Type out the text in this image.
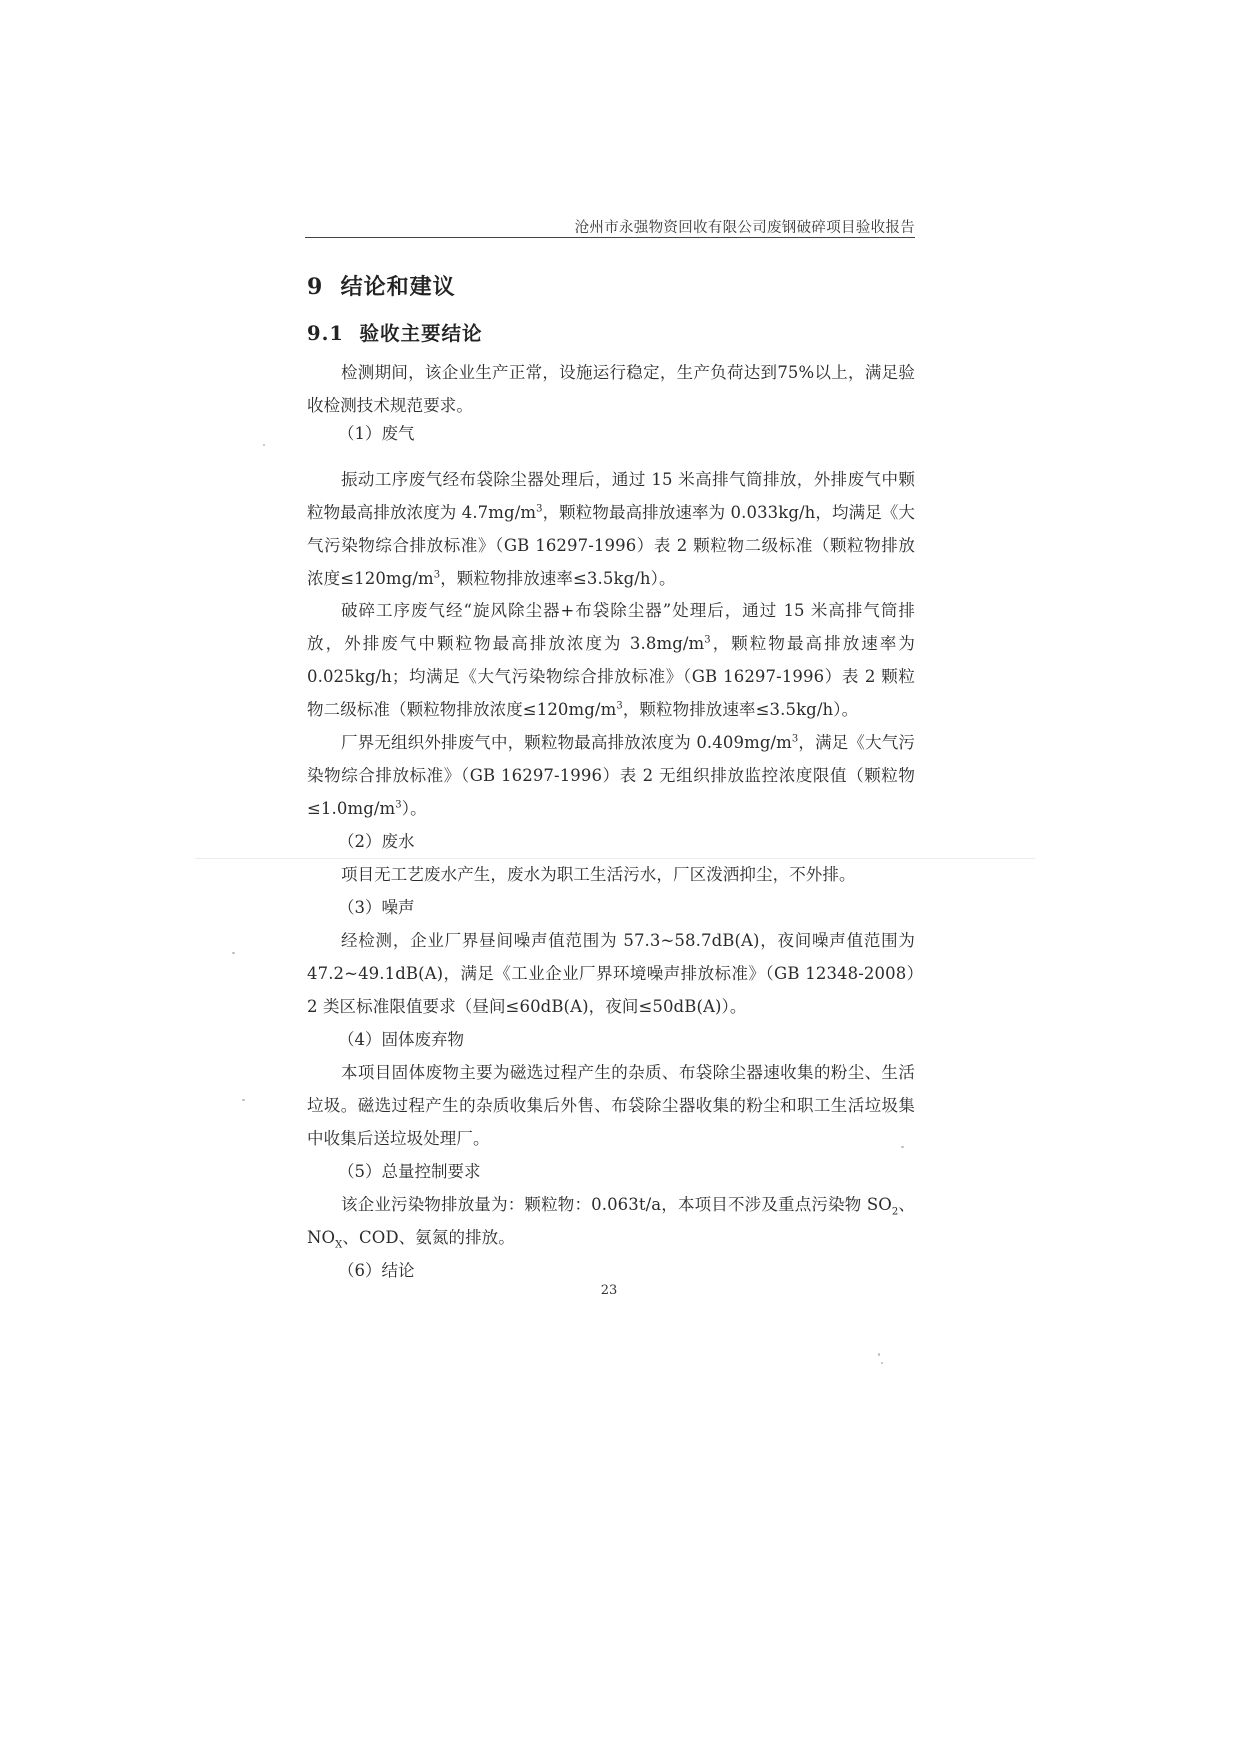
沧州市永强物资回收有限公司废钢破碎项目验收报告
9  结论和建议
9.1  验收主要结论

检测期间，该企业生产正常，设施运行稳定，生产负荷达到75%以上，满足验收检测技术规范要求。

（1）废气

振动工序废气经布袋除尘器处理后，通过 15 米高排气筒排放，外排废气中颗粒物最高排放浓度为 $4.7mg/m^3$，颗粒物最高排放速率为 0.033kg/h，均满足《大气污染物综合排放标准》（GB 16297-1996）表 2 颗粒物二级标准（颗粒物排放浓度$\le 120mg/m^3$，颗粒物排放速率≤3.5kg/h）。

破碎工序废气经“旋风除尘器+布袋除尘器”处理后，通过 15 米高排气筒排放，外排废气中颗粒物最高排放浓度为 $3.8mg/m^3$，颗粒物最高排放速率为 0.025kg/h；均满足《大气污染物综合排放标准》（GB 16297-1996）表 2 颗粒物二级标准（颗粒物排放浓度$\le 120mg/m^3$，颗粒物排放速率≤3.5kg/h）。

厂界无组织外排废气中，颗粒物最高排放浓度为 $0.409mg/m^3$，满足《大气污染物综合排放标准》（GB 16297-1996）表 2 无组织排放监控浓度限值（颗粒物$\le 1.0mg/m^3$）。

（2）废水

项目无工艺废水产生，废水为职工生活污水，厂区泼洒抑尘，不外排。

（3）噪声

经检测，企业厂界昼间噪声值范围为 57.3~58.7dB(A)，夜间噪声值范围为 47.2~49.1dB(A)，满足《工业企业厂界环境噪声排放标准》（GB 12348-2008）2 类区标准限值要求（昼间≤60dB(A)，夜间≤50dB(A)）。

（4）固体废弃物

本项目固体废物主要为磁选过程产生的杂质、布袋除尘器速收集的粉尘、生活垃圾。磁选过程产生的杂质收集后外售、布袋除尘器收集的粉尘和职工生活垃圾集中收集后送垃圾处理厂。

（5）总量控制要求

该企业污染物排放量为：颗粒物：0.063t/a，本项目不涉及重点污染物 $SO_2$、$NO_X$、COD、氨氮的排放。

（6）结论

23
